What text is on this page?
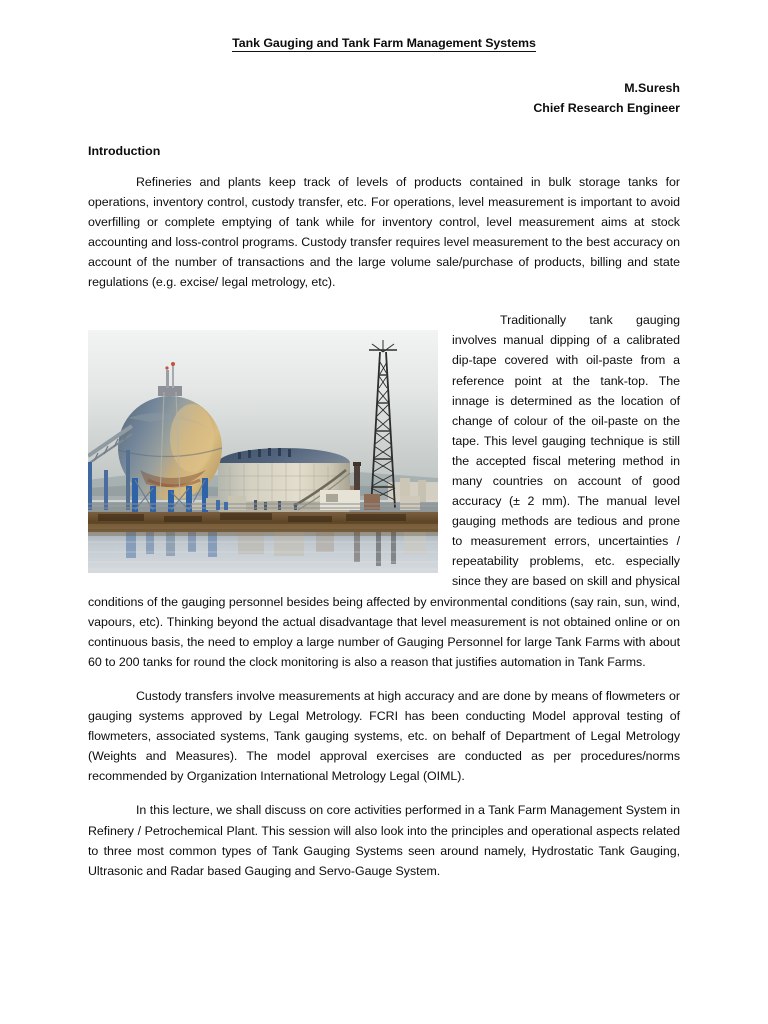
Tank Gauging and Tank Farm Management Systems
M.Suresh
Chief Research Engineer
Introduction

Refineries and plants keep track of levels of products contained in bulk storage tanks for operations, inventory control, custody transfer, etc. For operations, level measurement is important to avoid overfilling or complete emptying of tank while for inventory control, level measurement aims at stock accounting and loss-control programs. Custody transfer requires level measurement to the best accuracy on account of the number of transactions and the large volume sale/purchase of products, billing and state regulations (e.g. excise/ legal metrology, etc).

Traditionally tank gauging involves manual dipping of a calibrated dip-tape covered with oil-paste from a reference point at the tank-top. The innage is determined as the location of change of colour of the oil-paste on the tape. This level gauging technique is still the accepted fiscal metering method in many countries on account of good accuracy (± 2 mm). The manual level gauging methods are tedious and prone to measurement errors, uncertainties / repeatability problems, etc. especially since they are based on skill and physical conditions of the gauging personnel besides being affected by environmental conditions (say rain, sun, wind, vapours, etc). Thinking beyond the actual disadvantage that level measurement is not obtained online or on continuous basis, the need to employ a large number of Gauging Personnel for large Tank Farms with about 60 to 200 tanks for round the clock monitoring is also a reason that justifies automation in Tank Farms.

Custody transfers involve measurements at high accuracy and are done by means of flowmeters or gauging systems approved by Legal Metrology. FCRI has been conducting Model approval testing of flowmeters, associated systems, Tank gauging systems, etc. on behalf of Department of Legal Metrology (Weights and Measures). The model approval exercises are conducted as per procedures/norms recommended by Organization International Metrology Legal (OIML).

In this lecture, we shall discuss on core activities performed in a Tank Farm Management System in Refinery / Petrochemical Plant. This session will also look into the principles and operational aspects related to three most common types of Tank Gauging Systems seen around namely, Hydrostatic Tank Gauging, Ultrasonic and Radar based Gauging and Servo-Gauge System.
